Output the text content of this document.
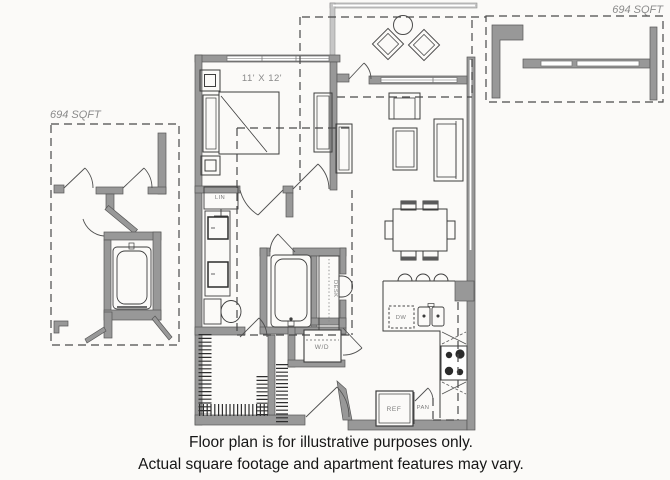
694 SQFT
694 SQFT
11' X 12'
LIN
W/D
DESK
DW
REF	PAN
Floor plan is for illustrative purposes only.
Actual square footage and apartment features may vary.
